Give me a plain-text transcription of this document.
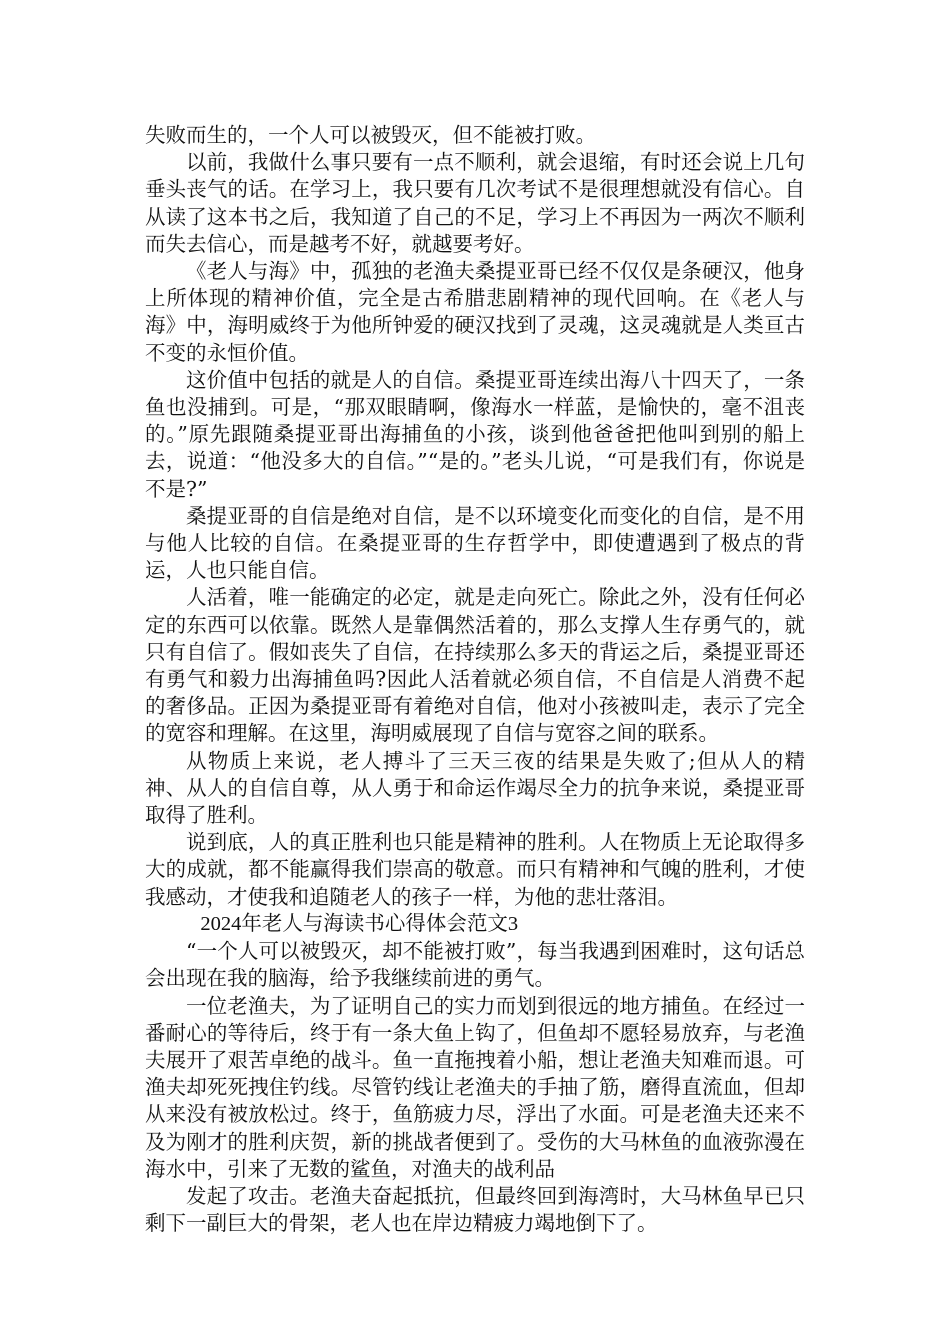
失败而生的，一个人可以被毁灭，但不能被打败。

以前，我做什么事只要有一点不顺利，就会退缩，有时还会说上几句垂头丧气的话。在学习上，我只要有几次考试不是很理想就没有信心。自从读了这本书之后，我知道了自己的不足，学习上不再因为一两次不顺利而失去信心，而是越考不好，就越要考好。

《老人与海》中，孤独的老渔夫桑提亚哥已经不仅仅是条硬汉，他身上所体现的精神价值，完全是古希腊悲剧精神的现代回响。在《老人与海》中，海明威终于为他所钟爱的硬汉找到了灵魂，这灵魂就是人类亘古不变的永恒价值。

这价值中包括的就是人的自信。桑提亚哥连续出海八十四天了，一条鱼也没捕到。可是，“那双眼睛啊，像海水一样蓝，是愉快的，毫不沮丧的。”原先跟随桑提亚哥出海捕鱼的小孩，谈到他爸爸把他叫到别的船上去，说道：“他没多大的自信。”“是的。”老头儿说，“可是我们有，你说是不是?”

桑提亚哥的自信是绝对自信，是不以环境变化而变化的自信，是不用与他人比较的自信。在桑提亚哥的生存哲学中，即使遭遇到了极点的背运，人也只能自信。

人活着，唯一能确定的必定，就是走向死亡。除此之外，没有任何必定的东西可以依靠。既然人是靠偶然活着的，那么支撑人生存勇气的，就只有自信了。假如丧失了自信，在持续那么多天的背运之后，桑提亚哥还有勇气和毅力出海捕鱼吗?因此人活着就必须自信，不自信是人消费不起的奢侈品。正因为桑提亚哥有着绝对自信，他对小孩被叫走，表示了完全的宽容和理解。在这里，海明威展现了自信与宽容之间的联系。

从物质上来说，老人搏斗了三天三夜的结果是失败了;但从人的精神、从人的自信自尊，从人勇于和命运作竭尽全力的抗争来说，桑提亚哥取得了胜利。

说到底，人的真正胜利也只能是精神的胜利。人在物质上无论取得多大的成就，都不能赢得我们崇高的敬意。而只有精神和气魄的胜利，才使我感动，才使我和追随老人的孩子一样，为他的悲壮落泪。

2024年老人与海读书心得体会范文3

“一个人可以被毁灭，却不能被打败”，每当我遇到困难时，这句话总会出现在我的脑海，给予我继续前进的勇气。

一位老渔夫，为了证明自己的实力而划到很远的地方捕鱼。在经过一番耐心的等待后，终于有一条大鱼上钩了，但鱼却不愿轻易放弃，与老渔夫展开了艰苦卓绝的战斗。鱼一直拖拽着小船，想让老渔夫知难而退。可渔夫却死死拽住钓线。尽管钓线让老渔夫的手抽了筋，磨得直流血，但却从来没有被放松过。终于，鱼筋疲力尽，浮出了水面。可是老渔夫还来不及为刚才的胜利庆贺，新的挑战者便到了。受伤的大马林鱼的血液弥漫在海水中，引来了无数的鲨鱼，对渔夫的战利品

发起了攻击。老渔夫奋起抵抗，但最终回到海湾时，大马林鱼早已只剩下一副巨大的骨架，老人也在岸边精疲力竭地倒下了。
